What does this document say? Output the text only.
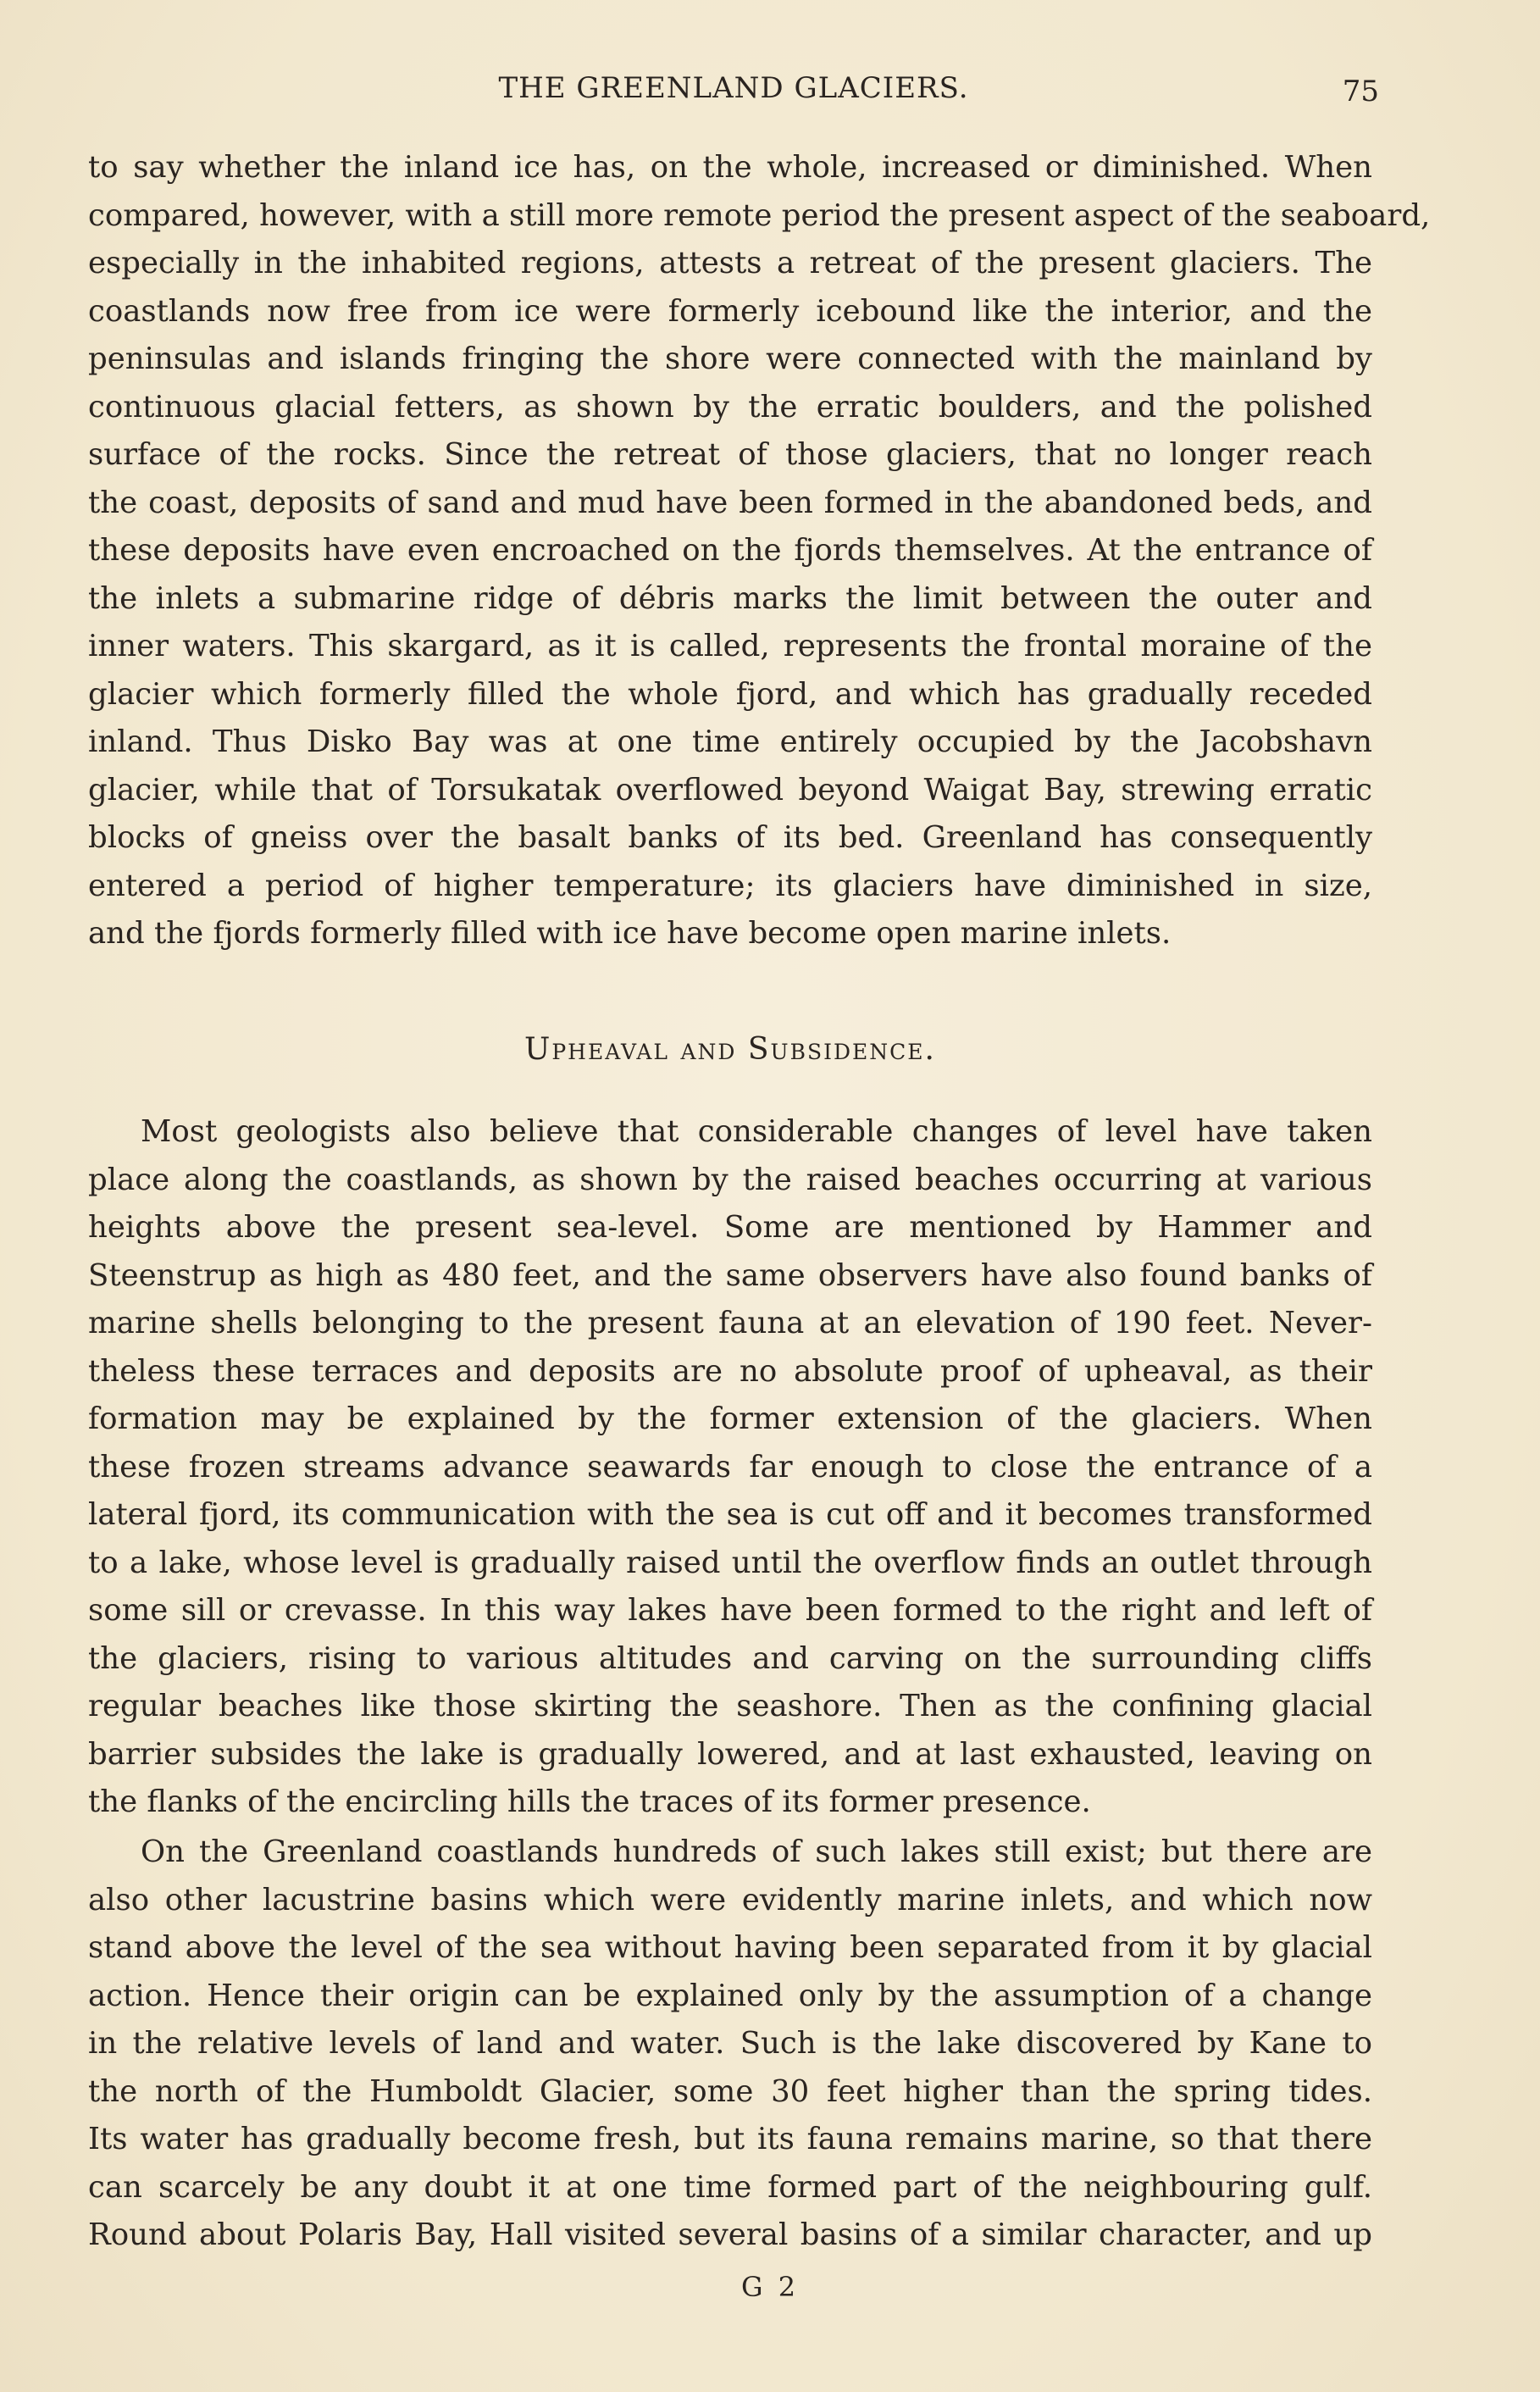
THE GREENLAND GLACIERS.	75
to say whether the inland ice has, on the whole, increased or diminished. When
compared, however, with a still more remote period the present aspect of the seaboard,
especially in the inhabited regions, attests a retreat of the present glaciers. The
coastlands now free from ice were formerly icebound like the interior, and the
peninsulas and islands fringing the shore were connected with the mainland by
continuous glacial fetters, as shown by the erratic boulders, and the polished
surface of the rocks. Since the retreat of those glaciers, that no longer reach
the coast, deposits of sand and mud have been formed in the abandoned beds, and
these deposits have even encroached on the fjords themselves. At the entrance of
the inlets a submarine ridge of débris marks the limit between the outer and
inner waters. This skargard, as it is called, represents the frontal moraine of the
glacier which formerly filled the whole fjord, and which has gradually receded
inland. Thus Disko Bay was at one time entirely occupied by the Jacobshavn
glacier, while that of Torsukatak overflowed beyond Waigat Bay, strewing erratic
blocks of gneiss over the basalt banks of its bed. Greenland has consequently
entered a period of higher temperature; its glaciers have diminished in size,
and the fjords formerly filled with ice have become open marine inlets.
Upheaval and Subsidence.
Most geologists also believe that considerable changes of level have taken
place along the coastlands, as shown by the raised beaches occurring at various
heights above the present sea-level. Some are mentioned by Hammer and
Steenstrup as high as 480 feet, and the same observers have also found banks of
marine shells belonging to the present fauna at an elevation of 190 feet. Never-
theless these terraces and deposits are no absolute proof of upheaval, as their
formation may be explained by the former extension of the glaciers. When
these frozen streams advance seawards far enough to close the entrance of a
lateral fjord, its communication with the sea is cut off and it becomes transformed
to a lake, whose level is gradually raised until the overflow finds an outlet through
some sill or crevasse. In this way lakes have been formed to the right and left of
the glaciers, rising to various altitudes and carving on the surrounding cliffs
regular beaches like those skirting the seashore. Then as the confining glacial
barrier subsides the lake is gradually lowered, and at last exhausted, leaving on
the flanks of the encircling hills the traces of its former presence.
On the Greenland coastlands hundreds of such lakes still exist; but there are
also other lacustrine basins which were evidently marine inlets, and which now
stand above the level of the sea without having been separated from it by glacial
action. Hence their origin can be explained only by the assumption of a change
in the relative levels of land and water. Such is the lake discovered by Kane to
the north of the Humboldt Glacier, some 30 feet higher than the spring tides.
Its water has gradually become fresh, but its fauna remains marine, so that there
can scarcely be any doubt it at one time formed part of the neighbouring gulf.
Round about Polaris Bay, Hall visited several basins of a similar character, and up
G 2
